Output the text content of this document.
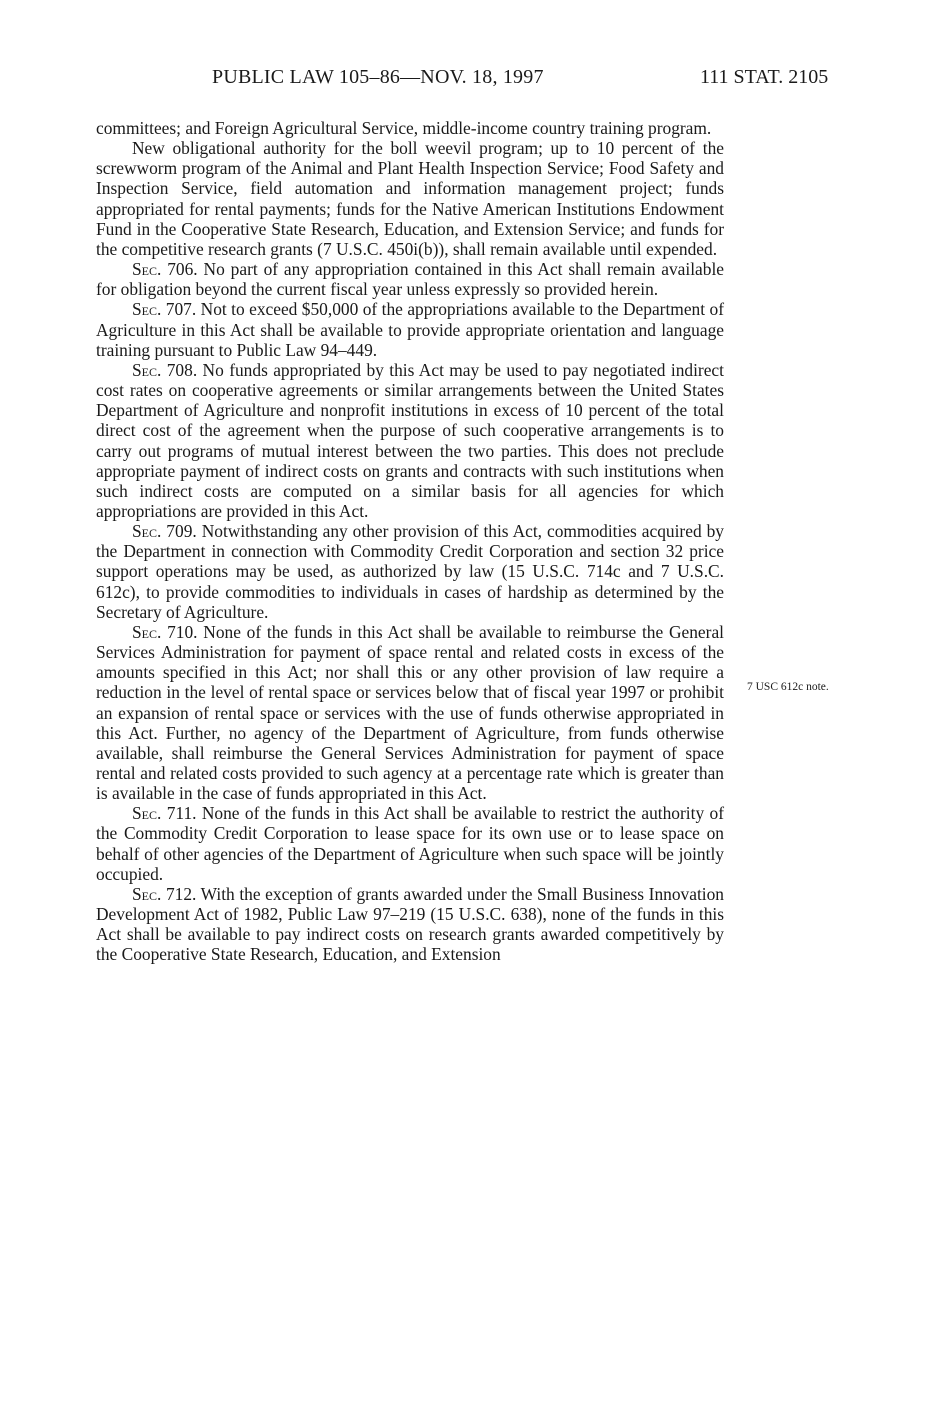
PUBLIC LAW 105–86—NOV. 18, 1997	111 STAT. 2105

committees; and Foreign Agricultural Service, middle-income country training program.

New obligational authority for the boll weevil program; up to 10 percent of the screwworm program of the Animal and Plant Health Inspection Service; Food Safety and Inspection Service, field automation and information management project; funds appropriated for rental payments; funds for the Native American Institutions Endowment Fund in the Cooperative State Research, Education, and Extension Service; and funds for the competitive research grants (7 U.S.C. 450i(b)), shall remain available until expended.

Sec. 706. No part of any appropriation contained in this Act shall remain available for obligation beyond the current fiscal year unless expressly so provided herein.

Sec. 707. Not to exceed $50,000 of the appropriations available to the Department of Agriculture in this Act shall be available to provide appropriate orientation and language training pursuant to Public Law 94–449.

Sec. 708. No funds appropriated by this Act may be used to pay negotiated indirect cost rates on cooperative agreements or similar arrangements between the United States Department of Agriculture and nonprofit institutions in excess of 10 percent of the total direct cost of the agreement when the purpose of such cooperative arrangements is to carry out programs of mutual interest between the two parties. This does not preclude appropriate payment of indirect costs on grants and contracts with such institutions when such indirect costs are computed on a similar basis for all agencies for which appropriations are provided in this Act.

Sec. 709. Notwithstanding any other provision of this Act, commodities acquired by the Department in connection with Commodity Credit Corporation and section 32 price support operations may be used, as authorized by law (15 U.S.C. 714c and 7 U.S.C. 612c), to provide commodities to individuals in cases of hardship as determined by the Secretary of Agriculture.

Sec. 710. None of the funds in this Act shall be available to reimburse the General Services Administration for payment of space rental and related costs in excess of the amounts specified in this Act; nor shall this or any other provision of law require a reduction in the level of rental space or services below that of fiscal year 1997 or prohibit an expansion of rental space or services with the use of funds otherwise appropriated in this Act. Further, no agency of the Department of Agriculture, from funds otherwise available, shall reimburse the General Services Administration for payment of space rental and related costs provided to such agency at a percentage rate which is greater than is available in the case of funds appropriated in this Act.

Sec. 711. None of the funds in this Act shall be available to restrict the authority of the Commodity Credit Corporation to lease space for its own use or to lease space on behalf of other agencies of the Department of Agriculture when such space will be jointly occupied.

Sec. 712. With the exception of grants awarded under the Small Business Innovation Development Act of 1982, Public Law 97–219 (15 U.S.C. 638), none of the funds in this Act shall be available to pay indirect costs on research grants awarded competitively by the Cooperative State Research, Education, and Extension

7 USC 612c note.
